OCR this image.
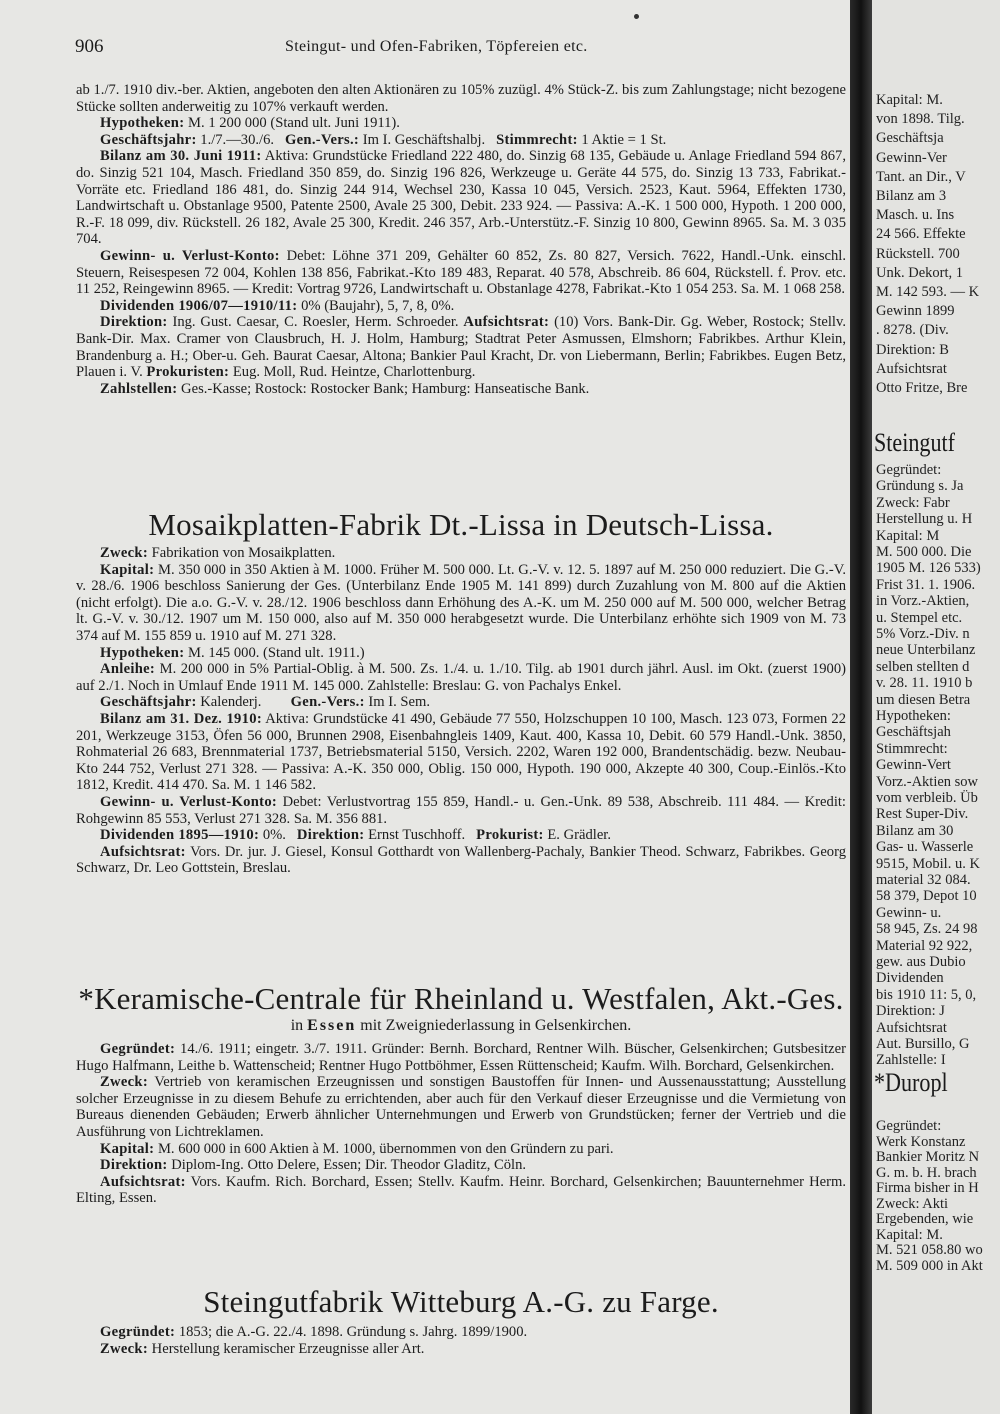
906	Steingut- und Ofen-Fabriken, Töpfereien etc.

ab 1./7. 1910 div.-ber. Aktien, angeboten den alten Aktionären zu 105% zuzügl. 4% Stück-Z. bis zum Zahlungstage; nicht bezogene Stücke sollten anderweitig zu 107% verkauft werden.

Hypotheken: M. 1 200 000 (Stand ult. Juni 1911).

Geschäftsjahr: 1./7.—30./6. Gen.-Vers.: Im I. Geschäftshalbj. Stimmrecht: 1 Aktie = 1 St.

Bilanz am 30. Juni 1911: Aktiva: Grundstücke Friedland 222 480, do. Sinzig 68 135, Gebäude u. Anlage Friedland 594 867, do. Sinzig 521 104, Masch. Friedland 350 859, do. Sinzig 196 826, Werkzeuge u. Geräte 44 575, do. Sinzig 13 733, Fabrikat.-Vorräte etc. Friedland 186 481, do. Sinzig 244 914, Wechsel 230, Kassa 10 045, Versich. 2523, Kaut. 5964, Effekten 1730, Landwirtschaft u. Obstanlage 9500, Patente 2500, Avale 25 300, Debit. 233 924. — Passiva: A.-K. 1 500 000, Hypoth. 1 200 000, R.-F. 18 099, div. Rückstell. 26 182, Avale 25 300, Kredit. 246 357, Arb.-Unterstütz.-F. Sinzig 10 800, Gewinn 8965. Sa. M. 3 035 704.

Gewinn- u. Verlust-Konto: Debet: Löhne 371 209, Gehälter 60 852, Zs. 80 827, Versich. 7622, Handl.-Unk. einschl. Steuern, Reisespesen 72 004, Kohlen 138 856, Fabrikat.-Kto 189 483, Reparat. 40 578, Abschreib. 86 604, Rückstell. f. Prov. etc. 11 252, Reingewinn 8965. — Kredit: Vortrag 9726, Landwirtschaft u. Obstanlage 4278, Fabrikat.-Kto 1 054 253. Sa. M. 1 068 258.

Dividenden 1906/07—1910/11: 0% (Baujahr), 5, 7, 8, 0%.

Direktion: Ing. Gust. Caesar, C. Roesler, Herm. Schroeder. Aufsichtsrat: (10) Vors. Bank-Dir. Gg. Weber, Rostock; Stellv. Bank-Dir. Max. Cramer von Clausbruch, H. J. Holm, Hamburg; Stadtrat Peter Asmussen, Elmshorn; Fabrikbes. Arthur Klein, Brandenburg a. H.; Ober-u. Geh. Baurat Caesar, Altona; Bankier Paul Kracht, Dr. von Liebermann, Berlin; Fabrikbes. Eugen Betz, Plauen i. V. Prokuristen: Eug. Moll, Rud. Heintze, Charlottenburg.

Zahlstellen: Ges.-Kasse; Rostock: Rostocker Bank; Hamburg: Hanseatische Bank.

Mosaikplatten-Fabrik Dt.-Lissa in Deutsch-Lissa.

Zweck: Fabrikation von Mosaikplatten.

Kapital: M. 350 000 in 350 Aktien à M. 1000. Früher M. 500 000. Lt. G.-V. v. 12. 5. 1897 auf M. 250 000 reduziert. Die G.-V. v. 28./6. 1906 beschloss Sanierung der Ges. (Unterbilanz Ende 1905 M. 141 899) durch Zuzahlung von M. 800 auf die Aktien (nicht erfolgt). Die a.o. G.-V. v. 28./12. 1906 beschloss dann Erhöhung des A.-K. um M. 250 000 auf M. 500 000, welcher Betrag lt. G.-V. v. 30./12. 1907 um M. 150 000, also auf M. 350 000 herabgesetzt wurde. Die Unterbilanz erhöhte sich 1909 von M. 73 374 auf M. 155 859 u. 1910 auf M. 271 328.

Hypotheken: M. 145 000. (Stand ult. 1911.)

Anleihe: M. 200 000 in 5% Partial-Oblig. à M. 500. Zs. 1./4. u. 1./10. Tilg. ab 1901 durch jährl. Ausl. im Okt. (zuerst 1900) auf 2./1. Noch in Umlauf Ende 1911 M. 145 000. Zahlstelle: Breslau: G. von Pachalys Enkel.

Geschäftsjahr: Kalenderj. Gen.-Vers.: Im I. Sem.

Bilanz am 31. Dez. 1910: Aktiva: Grundstücke 41 490, Gebäude 77 550, Holzschuppen 10 100, Masch. 123 073, Formen 22 201, Werkzeuge 3153, Öfen 56 000, Brunnen 2908, Eisenbahngleis 1409, Kaut. 400, Kassa 10, Debit. 60 579 Handl.-Unk. 3850, Rohmaterial 26 683, Brennmaterial 1737, Betriebsmaterial 5150, Versich. 2202, Waren 192 000, Brandentschädig. bezw. Neubau-Kto 244 752, Verlust 271 328. — Passiva: A.-K. 350 000, Oblig. 150 000, Hypoth. 190 000, Akzepte 40 300, Coup.-Einlös.-Kto 1812, Kredit. 414 470. Sa. M. 1 146 582.

Gewinn- u. Verlust-Konto: Debet: Verlustvortrag 155 859, Handl.- u. Gen.-Unk. 89 538, Abschreib. 111 484. — Kredit: Rohgewinn 85 553, Verlust 271 328. Sa. M. 356 881.

Dividenden 1895—1910: 0%. Direktion: Ernst Tuschhoff. Prokurist: E. Grädler.

Aufsichtsrat: Vors. Dr. jur. J. Giesel, Konsul Gotthardt von Wallenberg-Pachaly, Bankier Theod. Schwarz, Fabrikbes. Georg Schwarz, Dr. Leo Gottstein, Breslau.

*Keramische-Centrale für Rheinland u. Westfalen, Akt.-Ges.
in Essen mit Zweigniederlassung in Gelsenkirchen.

Gegründet: 14./6. 1911; eingetr. 3./7. 1911. Gründer: Bernh. Borchard, Rentner Wilh. Büscher, Gelsenkirchen; Gutsbesitzer Hugo Halfmann, Leithe b. Wattenscheid; Rentner Hugo Pottböhmer, Essen Rüttenscheid; Kaufm. Wilh. Borchard, Gelsenkirchen.

Zweck: Vertrieb von keramischen Erzeugnissen und sonstigen Baustoffen für Innen- und Aussenausstattung; Ausstellung solcher Erzeugnisse in zu diesem Behufe zu errichtenden, aber auch für den Verkauf dieser Erzeugnisse und die Vermietung von Bureaus dienenden Gebäuden; Erwerb ähnlicher Unternehmungen und Erwerb von Grundstücken; ferner der Vertrieb und die Ausführung von Lichtreklamen.

Kapital: M. 600 000 in 600 Aktien à M. 1000, übernommen von den Gründern zu pari.

Direktion: Diplom-Ing. Otto Delere, Essen; Dir. Theodor Gladitz, Cöln.

Aufsichtsrat: Vors. Kaufm. Rich. Borchard, Essen; Stellv. Kaufm. Heinr. Borchard, Gelsenkirchen; Bauunternehmer Herm. Elting, Essen.

Steingutfabrik Witteburg A.-G. zu Farge.

Gegründet: 1853; die A.-G. 22./4. 1898. Gründung s. Jahrg. 1899/1900.

Zweck: Herstellung keramischer Erzeugnisse aller Art.

Kapital: M.
von 1898. Tilg.
Geschäftsja
Gewinn-Ver
Tant. an Dir., V
Bilanz am 3
Masch. u. Ins
24 566. Effekte
Rückstell. 700
Unk. Dekort, 1
M. 142 593. — K
Gewinn 1899
. 8278. (Div.
Direktion: B
Aufsichtsrat
Otto Fritze, Bre
Steingutf
Gegründet:
Gründung s. Ja
Zweck: Fabr
Herstellung u. H
Kapital: M
M. 500 000. Die
1905 M. 126 533)
Frist 31. 1. 1906.
in Vorz.-Aktien,
u. Stempel etc.
5% Vorz.-Div. n
neue Unterbilanz
selben stellten d
v. 28. 11. 1910 b
um diesen Betra
Hypotheken:
Geschäftsjah
Stimmrecht:
Gewinn-Vert
Vorz.-Aktien sow
vom verbleib. Üb
Rest Super-Div.
Bilanz am 30
Gas- u. Wasserle
9515, Mobil. u. K
material 32 084.
58 379, Depot 10
Gewinn- u.
58 945, Zs. 24 98
Material 92 922,
gew. aus Dubio
Dividenden
bis 1910 11: 5, 0,
Direktion: J
Aufsichtsrat
Aut. Bursillo, G
Zahlstelle: I
*Duropl
Gegründet:
Werk Konstanz
Bankier Moritz N
G. m. b. H. brach
Firma bisher in H
Zweck: Akti
Ergebenden, wie
Kapital: M.
M. 521 058.80 wo
M. 509 000 in Akt
